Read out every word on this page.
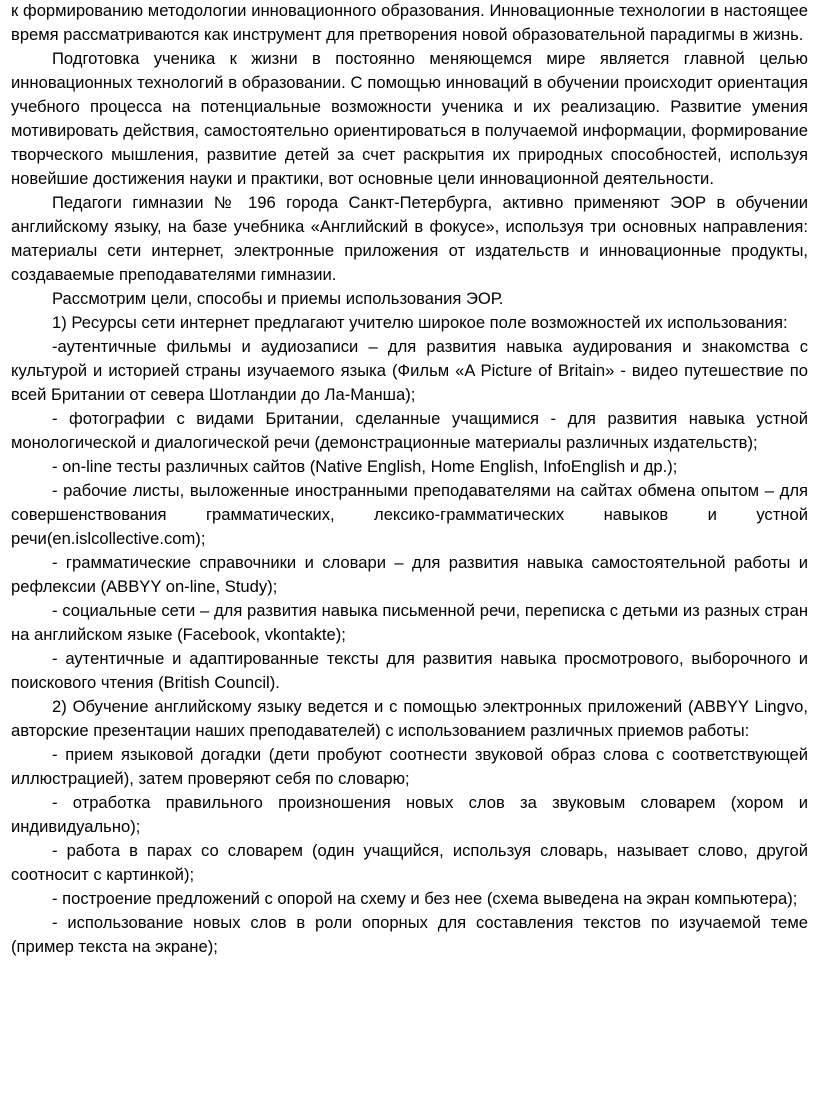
к формированию методологии инновационного образования. Инновационные технологии в настоящее время рассматриваются как инструмент для претворения новой образовательной парадигмы в жизнь.

Подготовка ученика к жизни в постоянно меняющемся мире является главной целью инновационных технологий в образовании. С помощью инноваций в обучении происходит ориентация учебного процесса на потенциальные возможности ученика и их реализацию. Развитие умения мотивировать действия, самостоятельно ориентироваться в получаемой информации, формирование творческого мышления, развитие детей за счет раскрытия их природных способностей, используя новейшие достижения науки и практики, вот основные цели инновационной деятельности.

Педагоги гимназии № 196 города Санкт-Петербурга, активно применяют ЭОР в обучении английскому языку, на базе учебника «Английский в фокусе», используя три основных направления: материалы сети интернет, электронные приложения от издательств и инновационные продукты, создаваемые преподавателями гимназии.

Рассмотрим цели, способы и приемы использования ЭОР.

1) Ресурсы сети интернет предлагают учителю широкое поле возможностей их использования:

-аутентичные фильмы и аудиозаписи – для развития навыка аудирования и знакомства с культурой и историей страны изучаемого языка (Фильм «A Picture of Britain» - видео путешествие по всей Британии от севера Шотландии до Ла-Манша);

- фотографии с видами Британии, сделанные учащимися - для развития навыка устной монологической и диалогической речи (демонстрационные материалы различных издательств);

- on-line тесты различных сайтов (Native English, Home English, InfoEnglish и др.);

- рабочие листы, выложенные иностранными преподавателями на сайтах обмена опытом – для совершенствования грамматических, лексико-грамматических навыков и устной речи(en.islcollective.com);

- грамматические справочники и словари – для развития навыка самостоятельной работы и рефлексии (ABBYY on-line, Study);

- социальные сети – для развития навыка письменной речи, переписка с детьми из разных стран на английском языке (Facebook, vkontakte);

- аутентичные и адаптированные тексты для развития навыка просмотрового, выборочного и поискового чтения (British Council).

2) Обучение английскому языку ведется и с помощью электронных приложений (ABBYY Lingvo, авторские презентации наших преподавателей) с использованием различных приемов работы:

- прием языковой догадки (дети пробуют соотнести звуковой образ слова с соответствующей иллюстрацией), затем проверяют себя по словарю;

- отработка правильного произношения новых слов за звуковым словарем (хором и индивидуально);

- работа в парах со словарем (один учащийся, используя словарь, называет слово, другой соотносит с картинкой);

- построение предложений с опорой на схему и без нее (схема выведена на экран компьютера);

- использование новых слов в роли опорных для составления текстов по изучаемой теме (пример текста на экране);
